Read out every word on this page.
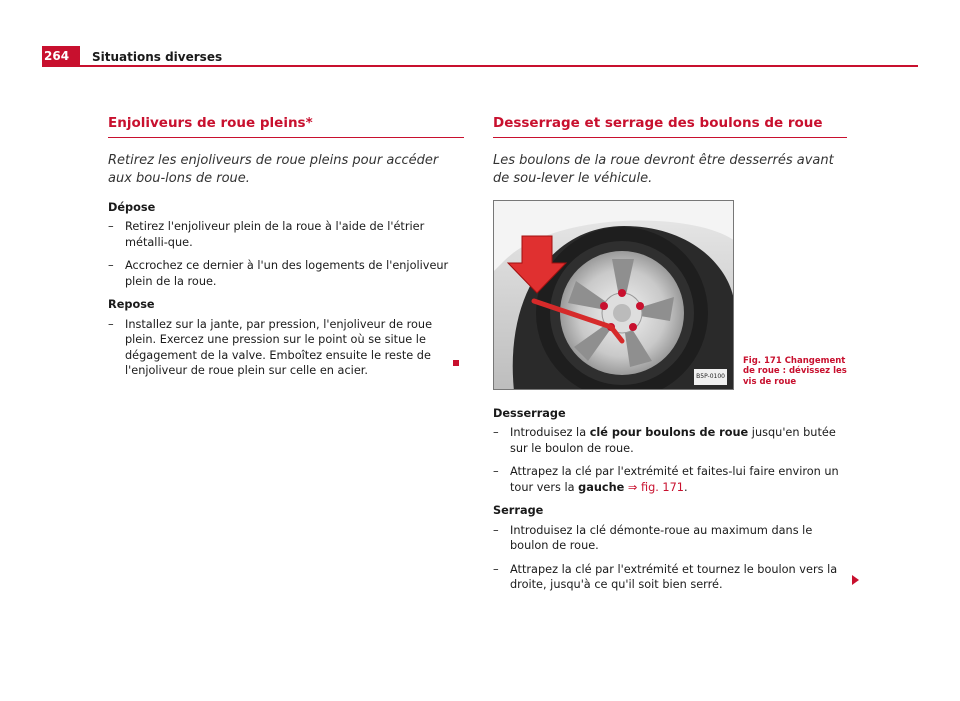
264	Situations diverses
Enjoliveurs de roue pleins*

Retirez les enjoliveurs de roue pleins pour accéder aux bou-lons de roue.

Dépose

– Retirez l'enjoliveur plein de la roue à l'aide de l'étrier métalli-que.
– Accrochez ce dernier à l'un des logements de l'enjoliveur plein de la roue.

Repose

– Installez sur la jante, par pression, l'enjoliveur de roue plein. Exercez une pression sur le point où se situe le dégagement de la valve. Emboîtez ensuite le reste de l'enjoliveur de roue plein sur celle en acier.
Desserrage et serrage des boulons de roue

Les boulons de la roue devront être desserrés avant de sou-lever le véhicule.

B5P-0100
Fig. 171 Changement de roue : dévissez les vis de roue

Desserrage

– Introduisez la clé pour boulons de roue jusqu'en butée sur le boulon de roue.
– Attrapez la clé par l'extrémité et faites-lui faire environ un tour vers la gauche ⇒ fig. 171.

Serrage

– Introduisez la clé démonte-roue au maximum dans le boulon de roue.
– Attrapez la clé par l'extrémité et tournez le boulon vers la droite, jusqu'à ce qu'il soit bien serré.
